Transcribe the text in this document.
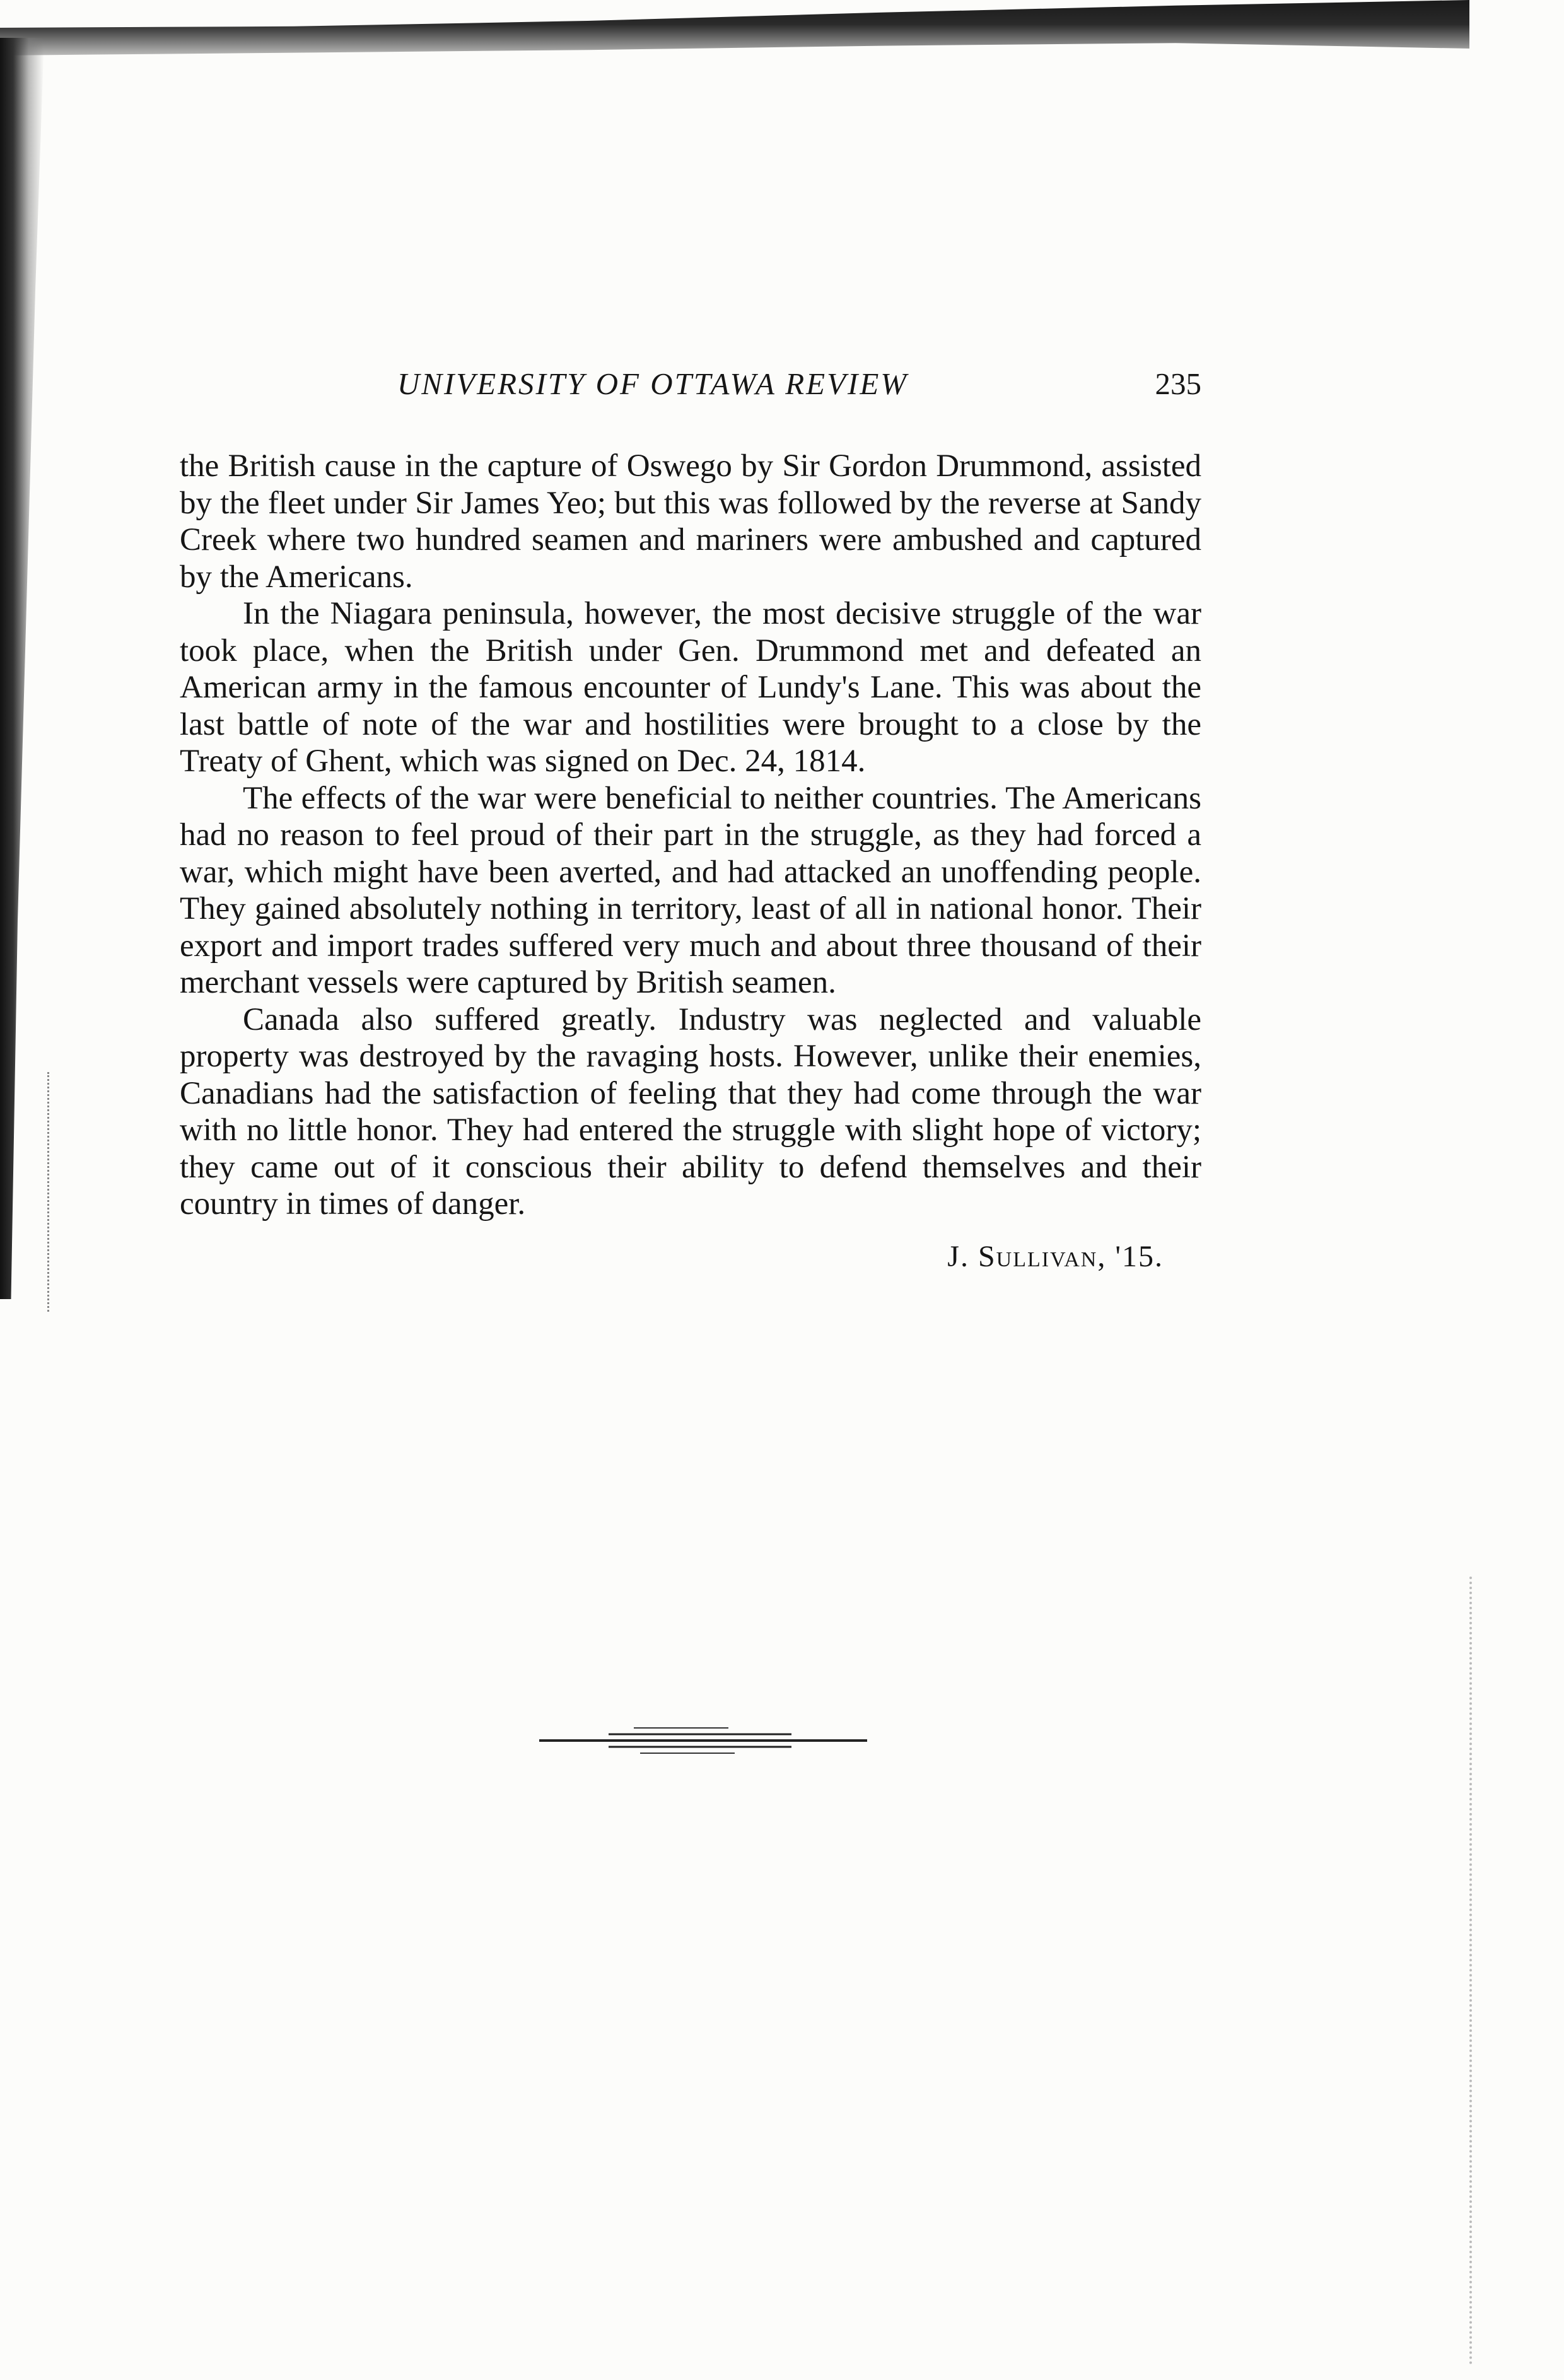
UNIVERSITY OF OTTAWA REVIEW	235

the British cause in the capture of Oswego by Sir Gordon Drummond, assisted by the fleet under Sir James Yeo; but this was followed by the reverse at Sandy Creek where two hundred seamen and mariners were ambushed and captured by the Americans.

In the Niagara peninsula, however, the most decisive struggle of the war took place, when the British under Gen. Drummond met and defeated an American army in the famous encounter of Lundy's Lane. This was about the last battle of note of the war and hostilities were brought to a close by the Treaty of Ghent, which was signed on Dec. 24, 1814.

The effects of the war were beneficial to neither countries. The Americans had no reason to feel proud of their part in the struggle, as they had forced a war, which might have been averted, and had attacked an unoffending people. They gained absolutely nothing in territory, least of all in national honor. Their export and import trades suffered very much and about three thousand of their merchant vessels were captured by British seamen.

Canada also suffered greatly. Industry was neglected and valuable property was destroyed by the ravaging hosts. However, unlike their enemies, Canadians had the satisfaction of feeling that they had come through the war with no little honor. They had entered the struggle with slight hope of victory; they came out of it conscious their ability to defend themselves and their country in times of danger.

J. Sullivan, '15.
